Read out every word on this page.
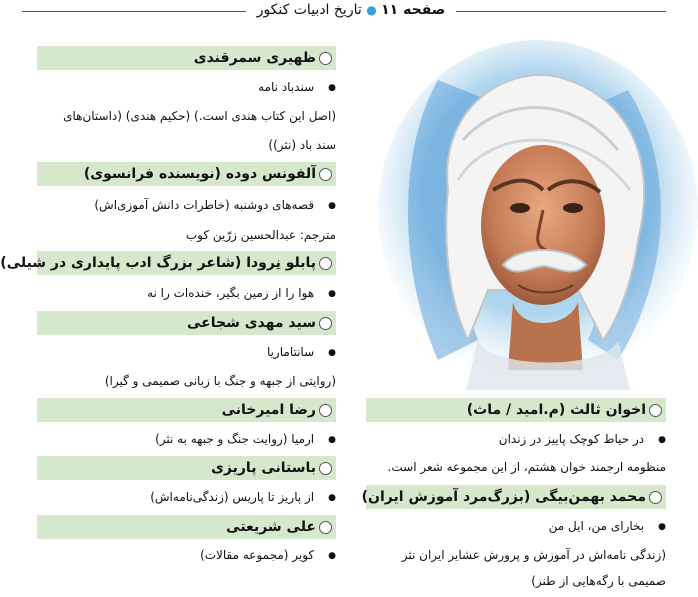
صفحه ۱۱ ● تاریخ ادبیات کنکور
ظهیری سمرقندی
●سندباد نامه
(اصل این کتاب هندی است.) (حکیم هندی) (داستان‌های
سند باد (نثر))
آلفونس دوده (نویسنده فرانسوی)
●قصه‌های دوشنبه (خاطرات دانش آموزی‌اش)
مترجم: عبدالحسین زرّین کوب
پابلو نِرودا (شاعر بزرگ ادب پایداری در شیلی)
●هوا را از زمین بگیر، خنده‌ات را نه
سید مهدی شجاعی
●سانتاماریا
(روایتی از جبهه و جنگ با زبانی صمیمی و گیرا)
رضا امیرخانی
●ارمیا (روایت جنگ و جبهه به نثر)
باستانی پاریزی
●از پاریز تا پاریس (زندگی‌نامه‌اش)
علی شریعتی
●کویر (مجموعه مقالات)
اخوان ثالث (م.امید / ماث)
●در حیاط کوچک پاییز در زندان
منظومه ارجمند خوان هشتم، از این مجموعه شعر است.
محمد بهمن‌بیگی (بزرگ‌مرد آموزش ایران)
●بخارای من، ایل من
(زندگی نامه‌اش در آموزش و پرورش عشایر ایران نثر
صمیمی با رگه‌هایی از طنز)
